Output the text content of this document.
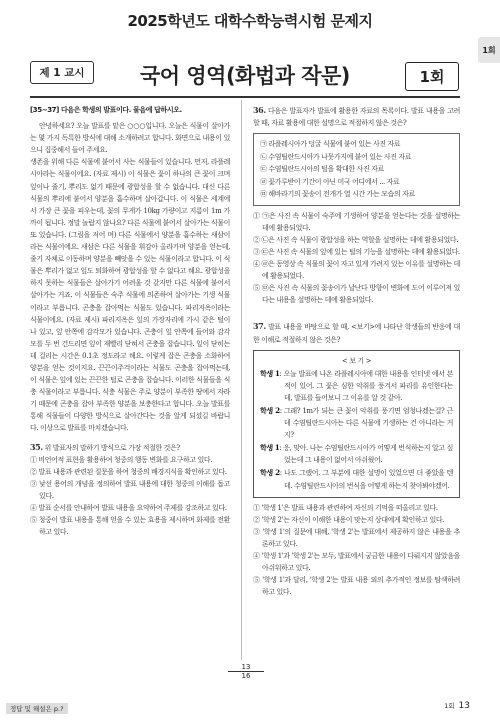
2025학년도 대학수학능력시험 문제지
1회
제 1 교시	국어 영역(화법과 작문)	1회
[35~37] 다음은 학생의 발표이다. 물음에 답하시오.
안녕하세요? 오늘 발표를 맡은 ○○○입니다. 오늘은 식물이 살아가는 몇 가지 독특한 방식에 대해 소개하려고 합니다. 화면으로 내용이 있으니 집중해서 들어 주세요.
생존을 위해 다른 식물에 붙어서 사는 식물들이 있습니다. 먼저, 라플레시아라는 식물이에요. (자료 제시) 이 식물은 꽃이 하나의 큰 꽃이 크며 잎이나 줄기, 뿌리도 없기 때문에 광합성을 할 수 없습니다. 대신 다른 식물의 뿌리에 붙어서 양분을 흡수하며 살아갑니다. 이 식물은 세계에서 가장 큰 꽃을 피우는데, 꽃의 무게가 10kg 가량이고 지름이 1m 가까이 됩니다. 정말 놀랍지 않나요? 다른 식물에 붙어서 살아가는 식물이 또 있습니다. (그림을 저어 며) 다른 식물에서 양분을 흡수하는 새삼이라는 식물이에요. 새삼은 다른 식물을 휘감아 올라가며 양분을 얻는데, 줄기 자체로 이동하며 양분을 빼앗을 수 있는 식물이라고 합니다. 이 식물은 뿌리가 없고 잎도 퇴화하여 광합성을 할 수 없다고 해요. 광합성을 하지 못하는 식물들은 살아가기 어려울 것 같지만 다른 식물에 붙어서 살아가는 거죠. 이 식물들은 숙주 식물에 의존하여 살아가는 기생 식물이라고 부릅니다. 곤충을 잡아먹는 식물도 있습니다. 파리지옥이라는 식물이에요. (자료 제시) 파리지옥은 잎의 가장자리에 가시 같은 털이 나 있고, 잎 안쪽에 감각모가 있습니다. 곤충이 잎 안쪽에 들어와 감각모를 두 번 건드리면 잎이 재빨리 닫혀서 곤충을 잡습니다. 잎이 닫히는 데 걸리는 시간은 0.1초 정도라고 해요. 이렇게 잡은 곤충을 소화하여 양분을 얻는 것이지요. 끈끈이주걱이라는 식물도 곤충을 잡아먹는데, 이 식물은 잎에 있는 끈끈한 털로 곤충을 잡습니다. 이러한 식물들을 식충 식물이라고 부릅니다. 식충 식물은 주로 양분이 부족한 땅에서 자라기 때문에 곤충을 잡아 부족한 양분을 보충한다고 합니다. 오늘 발표를 통해 식물들이 다양한 방식으로 살아간다는 것을 알게 되셨길 바랍니다. 이상으로 발표를 마치겠습니다.
35. 위 발표자의 말하기 방식으로 가장 적절한 것은?
① 비언어적 표현을 활용하여 청중의 행동 변화를 요구하고 있다.
② 발표 내용과 관련된 질문을 하여 청중의 배경지식을 확인하고 있다.
③ 낯선 용어의 개념을 정의하여 발표 내용에 대한 청중의 이해를 돕고 있다.
④ 발표 순서를 안내하여 발표 내용을 요약하여 주제를 강조하고 있다.
⑤ 청중이 발표 내용을 통해 얻을 수 있는 효용을 제시하며 화제를 전환하고 있다.
36. 다음은 발표자가 발표에 활용한 자료의 목록이다. 발표 내용을 고려할 때, 자료 활용에 대한 설명으로 적절하지 않은 것은?
㉠ 라플레시아가 덩굴 식물에 붙어 있는 사진 자료
㉡ 수염틸란드시아가 나뭇가지에 붙어 있는 사진 자료
㉢ 수염틸란드시아의 털을 확대한 사진 자료
㉣ 꽃가루받이 기간이 아닌 미국 어디에서 ... 자료
㉤ 해바라기의 꽃송이 전개가 열 시간 가는 모습의 자료
① ㉠은 사진 속 식물이 숙주에 기생하여 양분을 얻는다는 것을 설명하는 데에 활용되었다.
② ㉡은 사진 속 식물이 광합성을 하는 역할을 설명하는 데에 활용되었다.
③ ㉢은 사진 속 식물의 잎에 있는 털의 기능을 설명하는 데에 활용되었다.
④ ㉣은 동영상 속 식물의 꽃이 자고 있게 가려지 있는 이유를 설명하는 데에 활용되었다.
⑤ ㉤은 사진 속 식물의 꽃송이가 날난다 방향이 변화에 도어 이루어져 있다는 내용을 설명하는 데에 활용되었다.
37. 발표 내용을 바탕으로 할 때, <보기>에 나타난 학생들의 반응에 대한 이해로 적절하지 않은 것은?
< 보 기 >
학생 1: 오늘 발표에 나온 라플레시아에 대한 내용을 인터넷 에서 본 적이 있어. 그 꽃은 심한 악취를 풍겨서 파리를 유인한다는데, 발표를 들어보니 그 이유를 알 것 같아.
학생 2: 그래? 1m가 되는 큰 꽃이 악취를 풍기면 엄청나겠는걸? 근데 수염틸란드시아는 다른 식물에 기생하는 건 아니라는 거지?
학생 1: 응, 맞아. 나는 수염틸란드시아가 어떻게 번식하는지 알고 싶었는데 그 내용이 없어서 아쉬웠어.
학생 2: 나도 그랬어. 그 부분에 대한 설명이 있었으면 더 좋았을 텐데. 수염틸란드시아의 번식을 어떻게 하는지 찾아봐야겠어.
① '학생 1'은 발표 내용과 관련하여 자신의 기억을 떠올리고 있다.
② '학생 2'는 자신이 이해한 내용이 맞는지 상대에게 확인하고 있다.
③ '학생 1'의 질문에 대해, '학생 2'는 발표에서 제공하지 않은 내용을 추론하고 있다.
④ '학생 1'과 '학생 2'는 모두, 발표에서 궁금한 내용이 다뤄지지 않았음을 아쉬워하고 있다.
⑤ '학생 1'과 달리, '학생 2'는 발표 내용 외의 추가적인 정보를 탐색하려 하고 있다.
13
16
정답 및 해설은 p.?	1회 13
